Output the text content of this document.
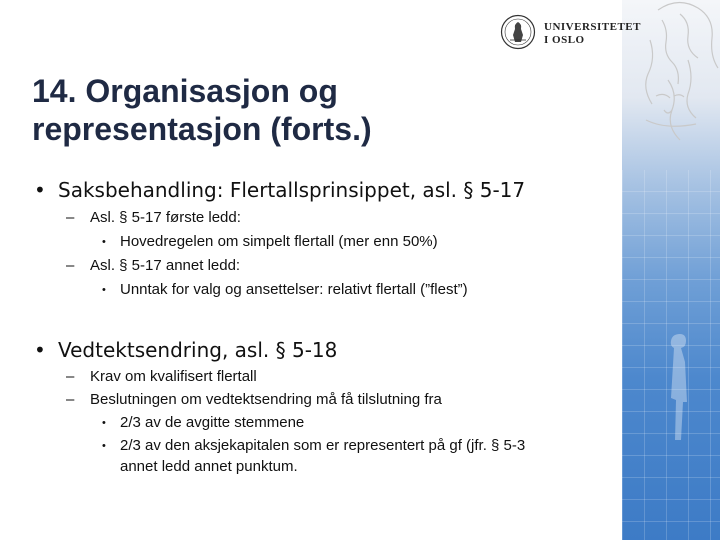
UNIVERSITETET
I OSLO
14. Organisasjon og
representasjon (forts.)
• Saksbehandling: Flertallsprinsippet, asl. § 5-17
– Asl. § 5-17 første ledd:
• Hovedregelen om simpelt flertall (mer enn 50%)
– Asl. § 5-17 annet ledd:
• Unntak for valg og ansettelser: relativt flertall (”flest”)
• Vedtektsendring, asl. § 5-18
– Krav om kvalifisert flertall
– Beslutningen om vedtektsendring må få tilslutning fra
• 2/3 av de avgitte stemmene
• 2/3 av den aksjekapitalen som er representert på gf (jfr. § 5-3
annet ledd annet punktum.
